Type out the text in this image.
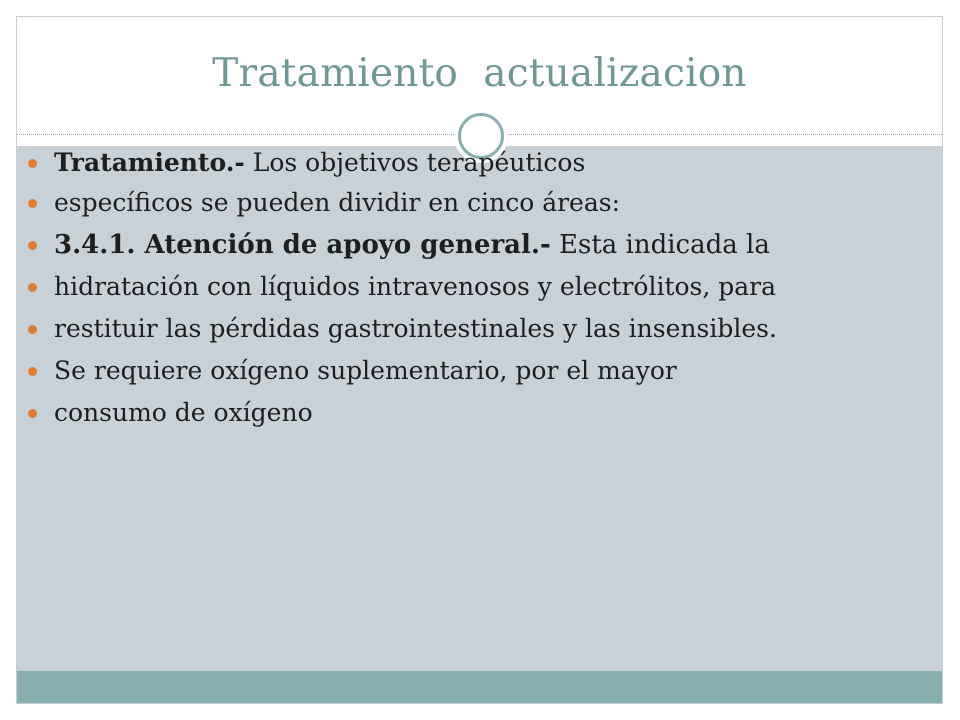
Tratamiento  actualizacion
Tratamiento.- Los objetivos terapéuticos
específicos se pueden dividir en cinco áreas:
3.4.1. Atención de apoyo general.- Esta indicada la
hidratación con líquidos intravenosos y electrólitos, para
restituir las pérdidas gastrointestinales y las insensibles.
Se requiere oxígeno suplementario, por el mayor
consumo de oxígeno
